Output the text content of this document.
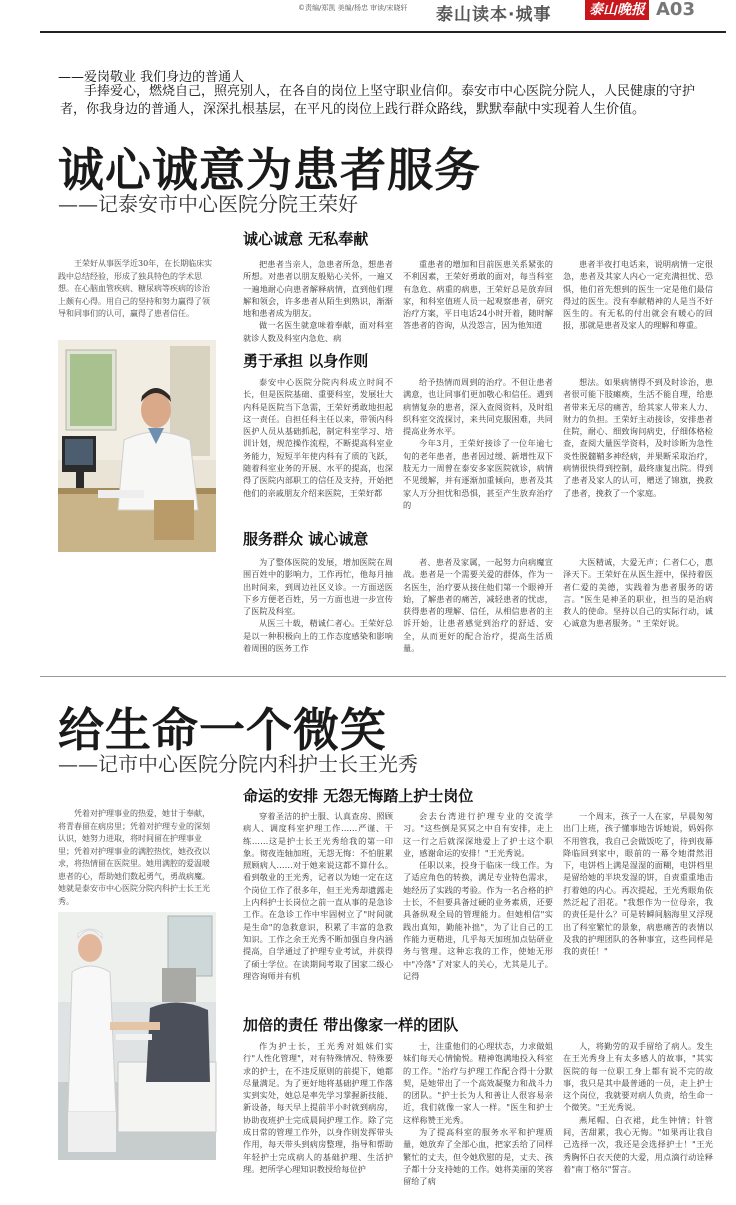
©责编/郑凯 美编/杨忠 审读/宋晓轩 泰山读本·城事	泰山晚报 A03
——爱岗敬业 我们身边的普通人
手捧爱心，燃烧自己，照亮别人，在各自的岗位上坚守职业信仰。泰安市中心医院分院人，人民健康的守护者，你我身边的普通人，深深扎根基层，在平凡的岗位上践行群众路线，默默奉献中实现着人生价值。
诚心诚意为患者服务
——记泰安市中心医院分院王荣好
王荣好从事医学近30年，在长期临床实践中总结经验，形成了独具特色的学术思想。在心脑血管疾病、糖尿病等疾病的诊治上颇有心得。用自己的坚持和努力赢得了领导和同事们的认可，赢得了患者信任。
诚心诚意 无私奉献

把患者当亲人，急患者所急，想患者所想。对患者以朋友般贴心关怀，一遍又一遍地耐心向患者解释病情，直到他们理解和领会，许多患者从陌生到熟识，渐渐地和患者成为朋友。

做一名医生就意味着奉献，面对科室就诊人数及科室内急危、病

重患者的增加和目前医患关系紧张的不利因素，王荣好勇敢的面对，每当科室有急危、病重的病患，王荣好总是放弃回家，和科室值班人员一起观察患者，研究治疗方案，平日电话24小时开着，随时解答患者的咨询，从没怨言，因为他知道

患者半夜打电话来，说明病情一定很急，患者及其家人内心一定充满担忧、恐惧，他们首先想到的医生一定是他们最信得过的医生。没有奉献精神的人是当不好医生的。有无私的付出就会有暖心的回报，那就是患者及家人的理解和尊重。

勇于承担 以身作则

泰安中心医院分院内科成立时间不长，但是医院基础、重要科室，发展壮大内科是医院当下急需，王荣好勇敢地担起这一责任。自担任科主任以来，带领内科医护人员从基础抓起，制定科室学习、培训计划，规范操作流程，不断提高科室业务能力，短短半年使内科有了质的飞跃，随着科室业务的开展、水平的提高，也深得了医院内部职工的信任及支持，开始把他们的亲戚朋友介绍来医院，王荣好都

给予热情而周到的治疗。不但让患者满意，也让同事们更加敬心和信任。遇到病情复杂的患者，深入查阅资料，及时组织科室交流探讨，来共同克服困难，共同提高业务水平。

今年3月，王荣好接诊了一位年逾七旬的老年患者，患者因过缓、新增性双下肢无力一周曾在泰安多家医院就诊，病情不见缓解，并有逐渐加重倾向，患者及其家人万分担忧和恐惧，甚至产生放弃治疗的

想法。如果病情得不到及时诊治，患者很可能下肢瘫痪，生活不能自理，给患者带来无尽的痛苦，给其家人带来人力、财力的负担。王荣好主动接诊，安排患者住院，耐心、细致询问病史，仔细体格检查，查阅大量医学资料，及时诊断为急性炎性脱髓鞘多神经病，并果断采取治疗，病情很快得到控制，最终康复出院。得到了患者及家人的认可，赠送了锦旗，挽救了患者，挽救了一个家庭。

服务群众 诚心诚意

为了整体医院的发展，增加医院在周围百姓中的影响力，工作再忙，他每月抽出时间来，到周边社区义诊。一方面送医下乡方便老百姓，另一方面也进一步宣传了医院及科室。

从医三十载，精诚仁者心。王荣好总是以一种积极向上的工作态度感染和影响着周围的医务工作

者、患者及家属，一起努力向病魔宣战。患者是一个需要关爱的群体，作为一名医生，治疗要从接住他们第一个眼神开始，了解患者的痛苦，减轻患者的忧虑，获得患者的理解、信任，从相信患者的主诉开始，让患者感觉到治疗的舒适、安全，从而更好的配合治疗，提高生活质量。

大医精诚，大爱无声；仁者仁心，惠泽天下。王荣好在从医生涯中，保持着医者仁爱的美德，实践着为患者服务的诺言。"医生是神圣的职业，担当的是治病救人的使命。坚持以自己的实际行动，诚心诚意为患者服务。" 王荣好说。

给生命一个微笑
——记市中心医院分院内科护士长王光秀
凭着对护理事业的热爱，她甘于奉献，将青春留在病房里；凭着对护理专业的深刻认识，她努力进取，将时间留在护理事业里；凭着对护理事业的满腔热忱，她孜孜以求，将热情留在医院里。她用满腔的爱温暖患者的心，帮助她们数起勇气，勇战病魔。她就是泰安市中心医院分院内科护士长王光秀。
命运的安排 无怨无悔踏上护士岗位

穿着圣洁的护士服、认真查房、照顾病人、调度科室护理工作……严谨、干练……这是护士长王光秀给我的第一印象。彻夜连轴加班，无怨无悔：不怕脏累照顾病人……对于她来说这都不算什么。看到敬业的王光秀，记者以为她一定在这个岗位工作了很多年，但王光秀却遗露走上内科护士长岗位之前一直从事的是急诊工作。在急诊工作中牢固树立了"时间就是生命"的急救意识，积累了丰富的急救知识。工作之余王光秀不断加强自身内涵提高，自学通过了护理专业考试，并获得了硕士学位。在读期间考取了国家二级心理咨询师并有机

会去台湾进行护理专业的交流学习。"这些倒是冥冥之中自有安排，走上这一行之后就深深地爱上了护士这个职业，感谢命运的安排！"王光秀说。

任职以来，投身于临床一线工作。为了适应角色的转换，满足专业特色需求，她经历了实践的考验。作为一名合格的护士长，不但要具备过硬的业务素质，还要具备纵观全局的管理能力。但她相信"实践出真知，勤能补拙"，为了让自己的工作能力更精进，几乎每天加班加点钻研业务与管理。这种忘我的工作，使她无形中"冷落"了对家人的关心，尤其是儿子。记得

一个周末，孩子一人在家，早晨匆匆出门上班，孩子懂事地告诉她说，妈妈你不用管我，我自己会做饭吃了，待到夜幕降临回到家中，眼前的一幕令她潸然泪下，电饼档上满是湿湿的面糊，电饼档里是留给她的半块发湿的饼，自责重重地击打着她的内心。再次提起，王光秀眼角依然泛起了泪花。"我想作为一位母亲，我的责任是什么？可是转瞬间脑海里又浮现出了科室繁忙的景象，病患痛苦的表情以及我的护理团队的各种事宜，这些同样是我的责任！"

加倍的责任 带出像家一样的团队

作为护士长，王光秀对姐妹们实行"人性化管理"，对有特殊情况、特殊要求的护士，在不违反原则的前提下，她都尽量满足。为了更好地将基础护理工作落实到实处，她总是率先学习掌握新技能、新设备，每天早上提前半小时就到病房，协助夜班护士完成晨间护理工作。除了完成日常的管理工作外，以身作则发挥带头作用，每天带头到病房整理，指导和帮助年轻护士完成病人的基础护理、生活护理。把所学心理知识教授给每位护

士，注重他们的心理状态，力求做姐妹们每天心情愉悦。精神饱满地投入科室的工作。"治疗与护理工作配合得十分默契，是她带出了一个高效凝聚力和战斗力的团队。"护士长为人和善让人很容易亲近，我们就像一家人一样。"医生和护士这样称赞王光秀。

为了提高科室的服务水平和护理质量，她放弃了全部心血，把家丢给了同样繁忙的丈夫，但令她欣慰的是，丈夫、孩子都十分支持她的工作。她将美丽的笑容留给了病

人，将勤劳的双手留给了病人。发生在王光秀身上有太多感人的故事，"其实医院的每一位职工身上都有说不完的故事，我只是其中最普通的一员，走上护士这个岗位，我就要对病人负责，给生命一个微笑。"王光秀说。

燕尾帽、白衣裙，此生钟情；针管间，苦甜累，我心无悔。"如果再让我自己选择一次，我还是会选择护士！"王光秀胸怀白衣天使的大爱，用点滴行动诠释着"南丁格尔"誓言。
